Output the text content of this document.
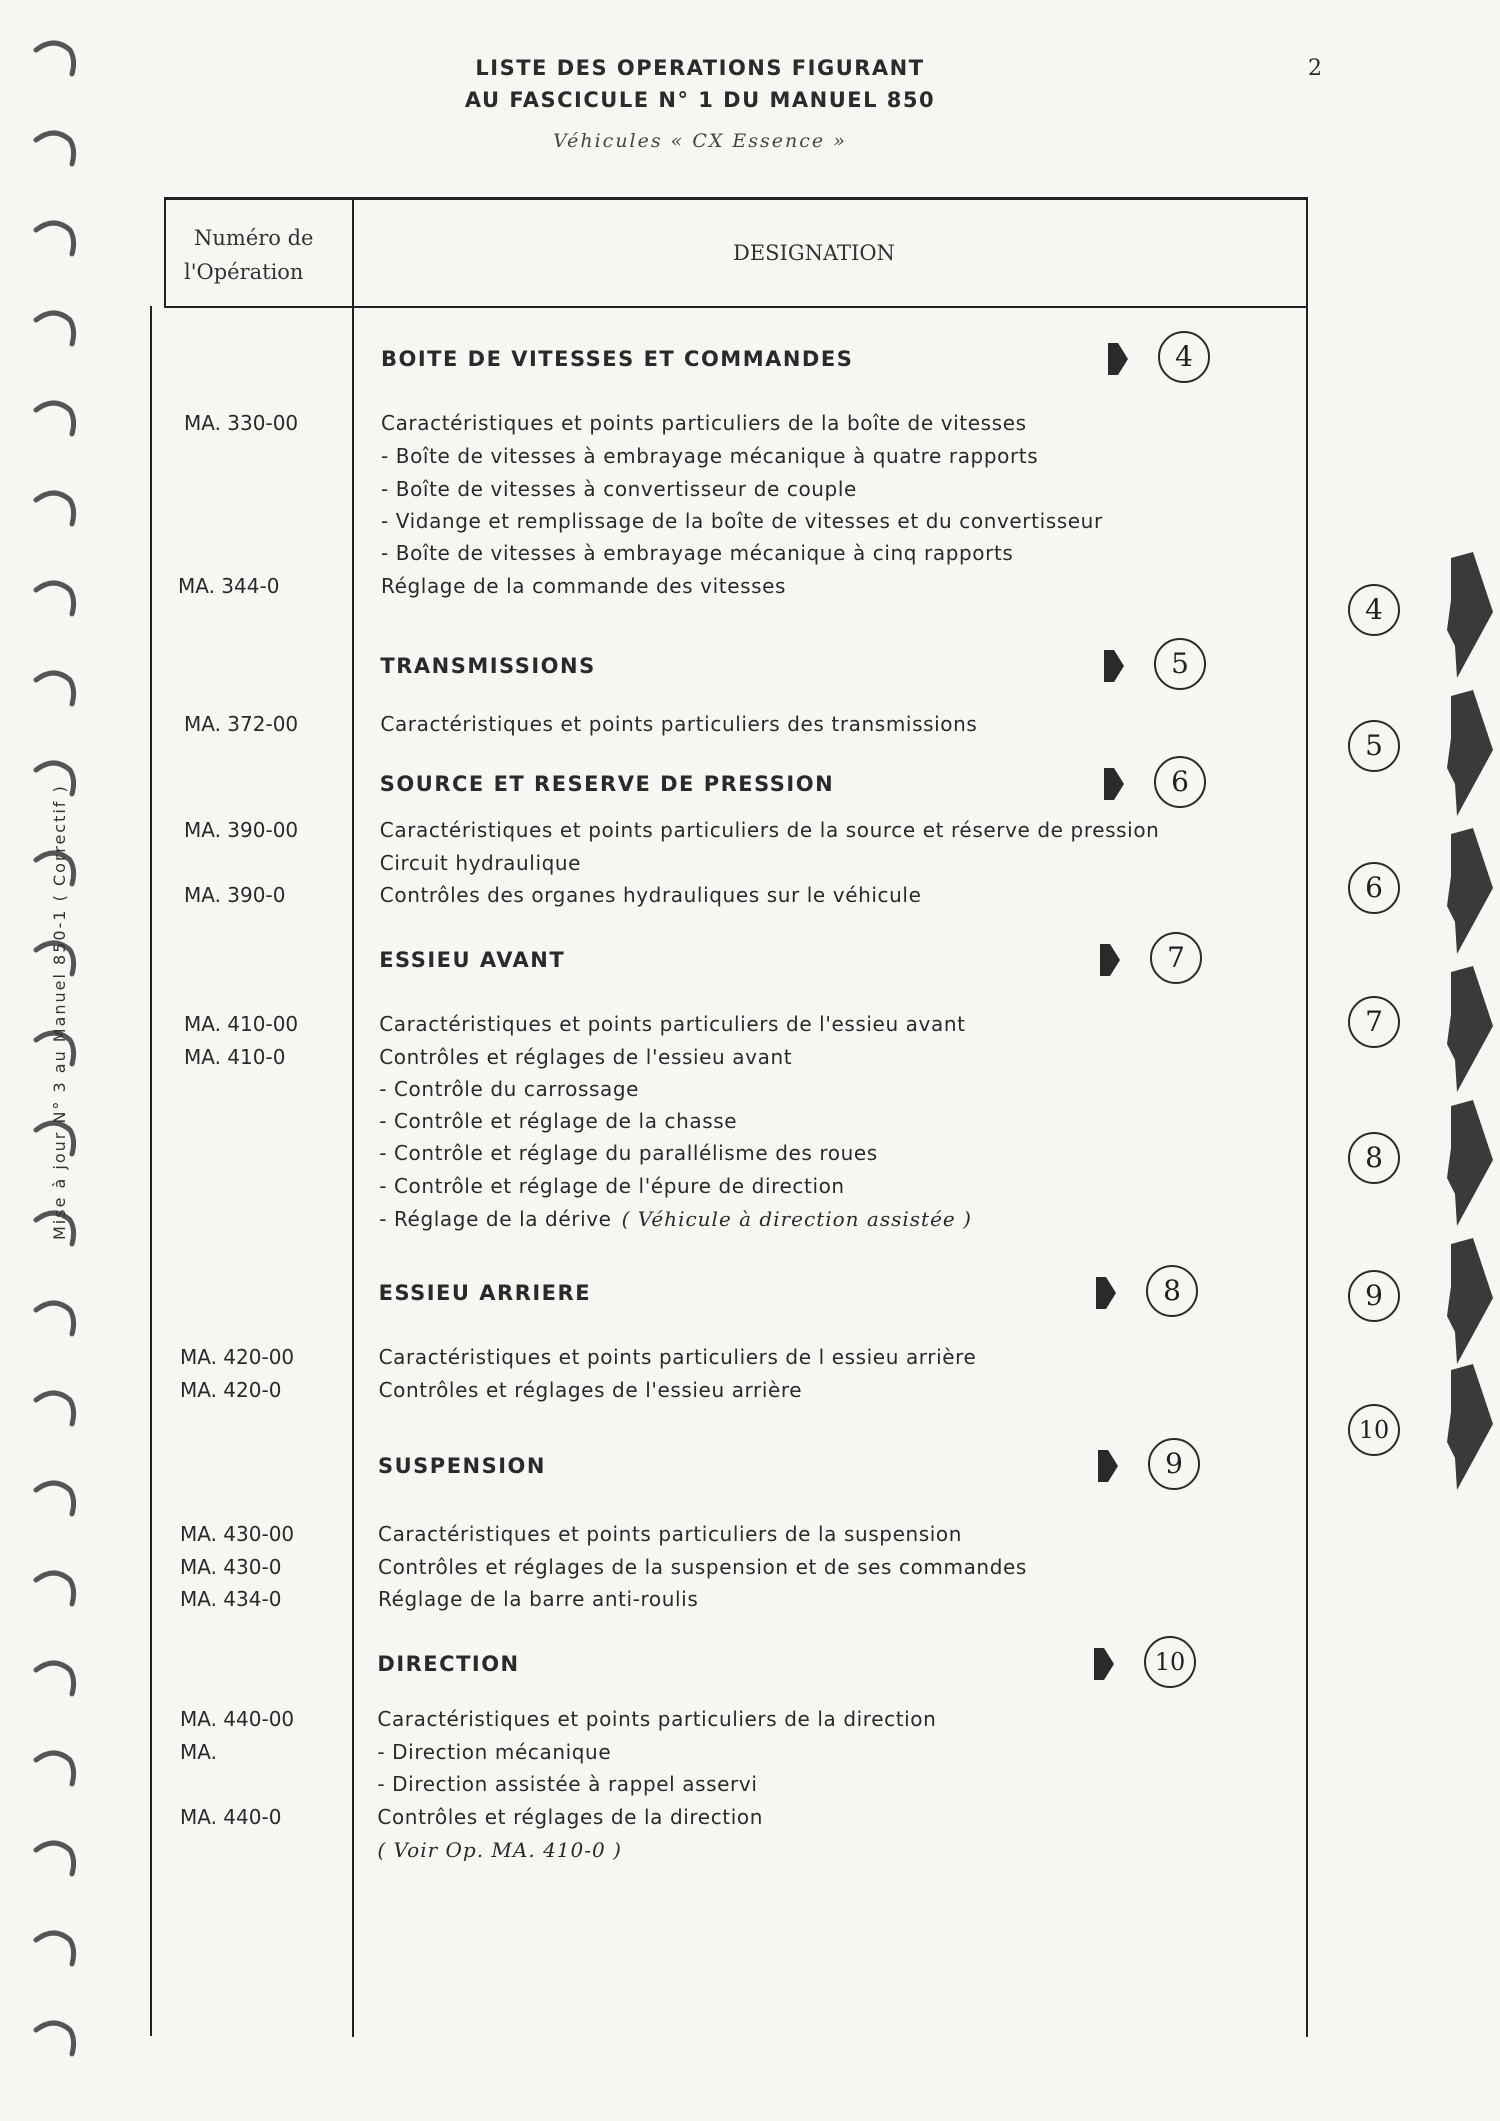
LISTE DES OPERATIONS FIGURANT
AU FASCICULE N° 1 DU MANUEL 850
Véhicules « CX Essence »
2
Mise à jour N° 3 au Manuel 850-1 ( Correctif )
Numéro de
l'Opération
DESIGNATION
BOITE DE VITESSES ET COMMANDES	4
MA. 330-00	Caractéristiques et points particuliers de la boîte de vitesses
- Boîte de vitesses à embrayage mécanique à quatre rapports
- Boîte de vitesses à convertisseur de couple
- Vidange et remplissage de la boîte de vitesses et du convertisseur
- Boîte de vitesses à embrayage mécanique à cinq rapports
MA. 344-0	Réglage de la commande des vitesses
TRANSMISSIONS	5
MA. 372-00	Caractéristiques et points particuliers des transmissions
SOURCE ET RESERVE DE PRESSION	6
MA. 390-00	Caractéristiques et points particuliers de la source et réserve de pression
Circuit hydraulique
MA. 390-0	Contrôles des organes hydrauliques sur le véhicule
ESSIEU AVANT	7
MA. 410-00	Caractéristiques et points particuliers de l'essieu avant
MA. 410-0	Contrôles et réglages de l'essieu avant
- Contrôle du carrossage
- Contrôle et réglage de la chasse
- Contrôle et réglage du parallélisme des roues
- Contrôle et réglage de l'épure de direction
- Réglage de la dérive ( Véhicule à direction assistée )
ESSIEU ARRIERE	8
MA. 420-00	Caractéristiques et points particuliers de l essieu arrière
MA. 420-0	Contrôles et réglages de l'essieu arrière
SUSPENSION	9
MA. 430-00	Caractéristiques et points particuliers de la suspension
MA. 430-0	Contrôles et réglages de la suspension et de ses commandes
MA. 434-0	Réglage de la barre anti-roulis
DIRECTION	10
MA. 440-00	Caractéristiques et points particuliers de la direction
MA.	- Direction mécanique
- Direction assistée à rappel asservi
MA. 440-0	Contrôles et réglages de la direction
( Voir Op. MA. 410-0 )
4
5
6
7
8
9
10
